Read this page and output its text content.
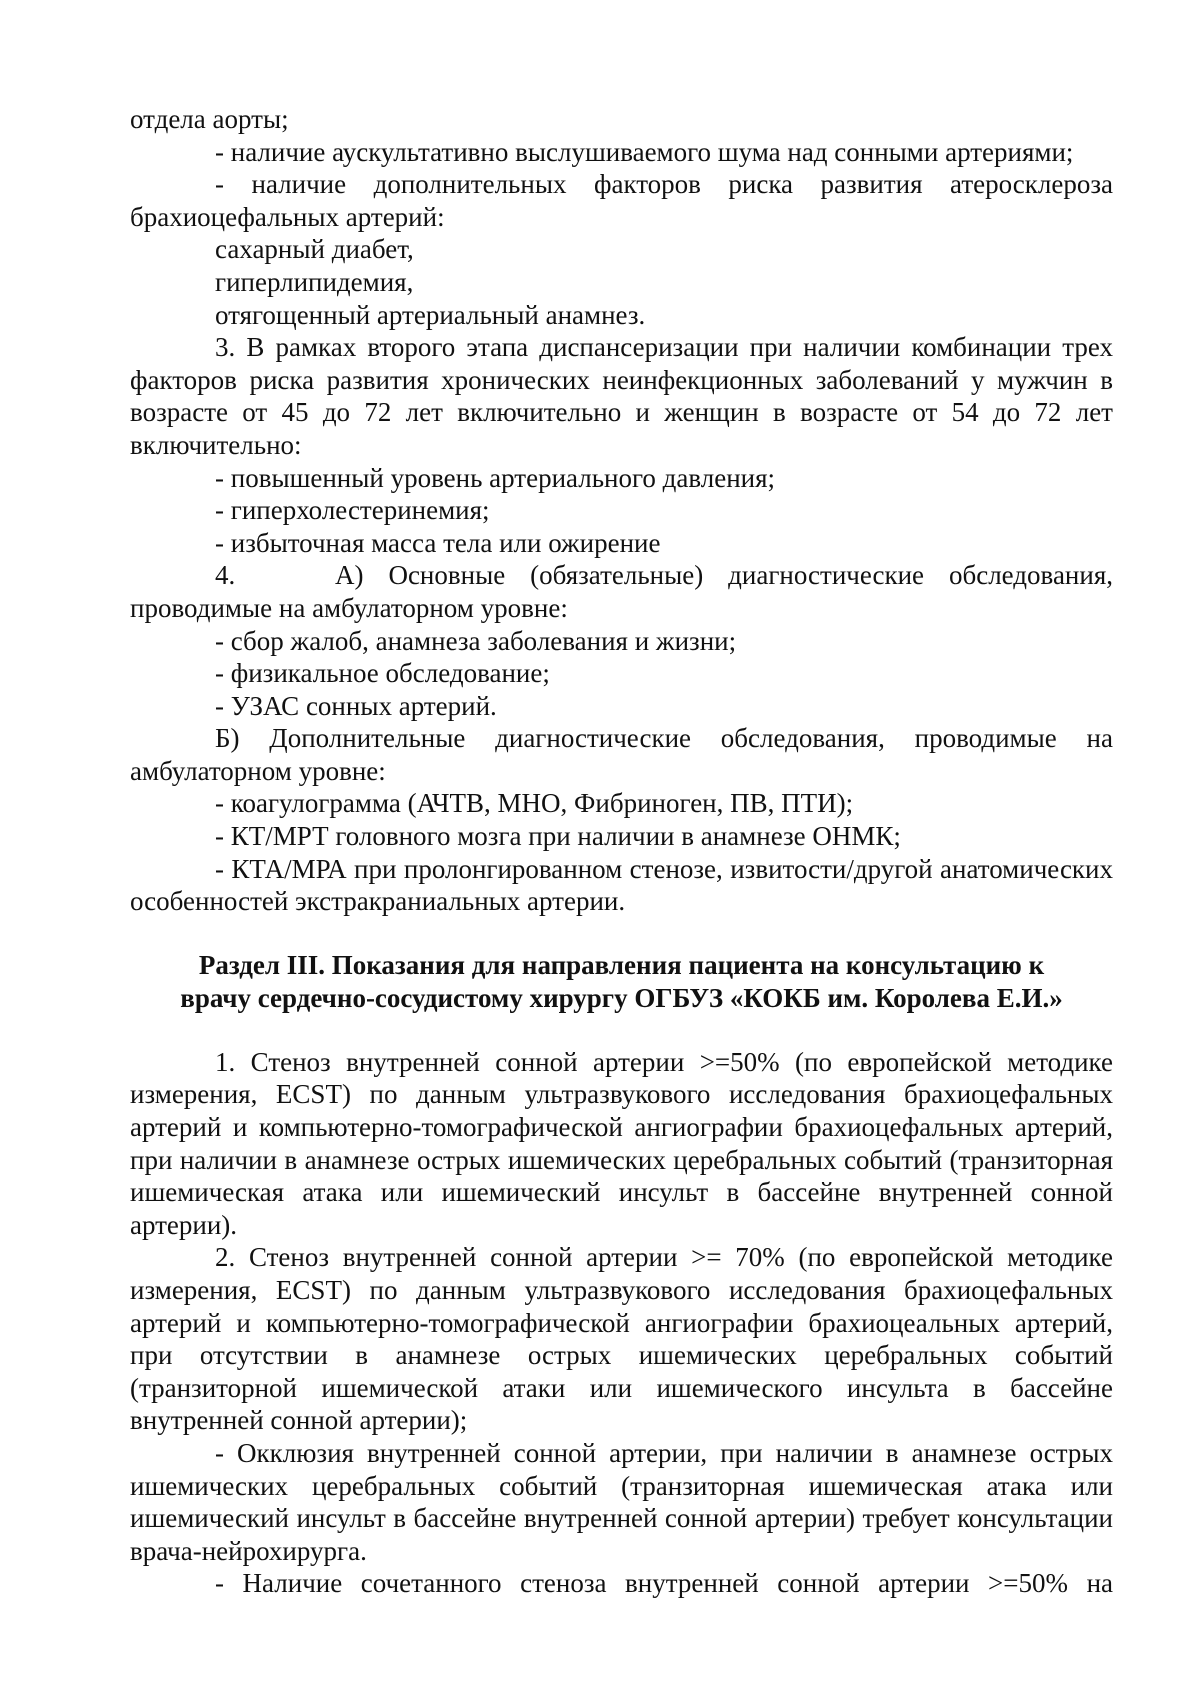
отдела аорты;

- наличие аускультативно выслушиваемого шума над сонными артериями;

- наличие дополнительных факторов риска развития атеросклероза брахиоцефальных артерий:

сахарный диабет,

гиперлипидемия,

отягощенный артериальный анамнез.

3. В рамках второго этапа диспансеризации при наличии комбинации трех факторов риска развития хронических неинфекционных заболеваний у мужчин в возрасте от 45 до 72 лет включительно и женщин в возрасте от 54 до 72 лет включительно:

- повышенный уровень артериального давления;

- гиперхолестеринемия;

- избыточная масса тела или ожирение

4.	А) Основные (обязательные) диагностические обследования, проводимые на амбулаторном уровне:

- сбор жалоб, анамнеза заболевания и жизни;

- физикальное обследование;

- УЗАС сонных артерий.

Б) Дополнительные диагностические обследования, проводимые на амбулаторном уровне:

- коагулограмма (АЧТВ, МНО, Фибриноген, ПВ, ПТИ);

- КТ/МРТ головного мозга при наличии в анамнезе ОНМК;

- КТА/МРА при пролонгированном стенозе, извитости/другой анатомических особенностей экстракраниальных артерии.

Раздел III. Показания для направления пациента на консультацию к
врачу сердечно-сосудистому хирургу ОГБУЗ «КОКБ им. Королева Е.И.»

1. Стеноз внутренней сонной артерии >=50% (по европейской методике измерения, ECST) по данным ультразвукового исследования брахиоцефальных артерий и компьютерно-томографической ангиографии брахиоцефальных артерий, при наличии в анамнезе острых ишемических церебральных событий (транзиторная ишемическая атака или ишемический инсульт в бассейне внутренней сонной артерии).

2. Стеноз внутренней сонной артерии >= 70% (по европейской методике измерения, ECST) по данным ультразвукового исследования брахиоцефальных артерий и компьютерно-томографической ангиографии брахиоцеальных артерий, при отсутствии в анамнезе острых ишемических церебральных событий (транзиторной ишемической атаки или ишемического инсульта в бассейне внутренней сонной артерии);

- Окклюзия внутренней сонной артерии, при наличии в анамнезе острых ишемических церебральных событий (транзиторная ишемическая атака или ишемический инсульт в бассейне внутренней сонной артерии) требует консультации врача-нейрохирурга.

- Наличие сочетанного стеноза внутренней сонной артерии >=50% на
